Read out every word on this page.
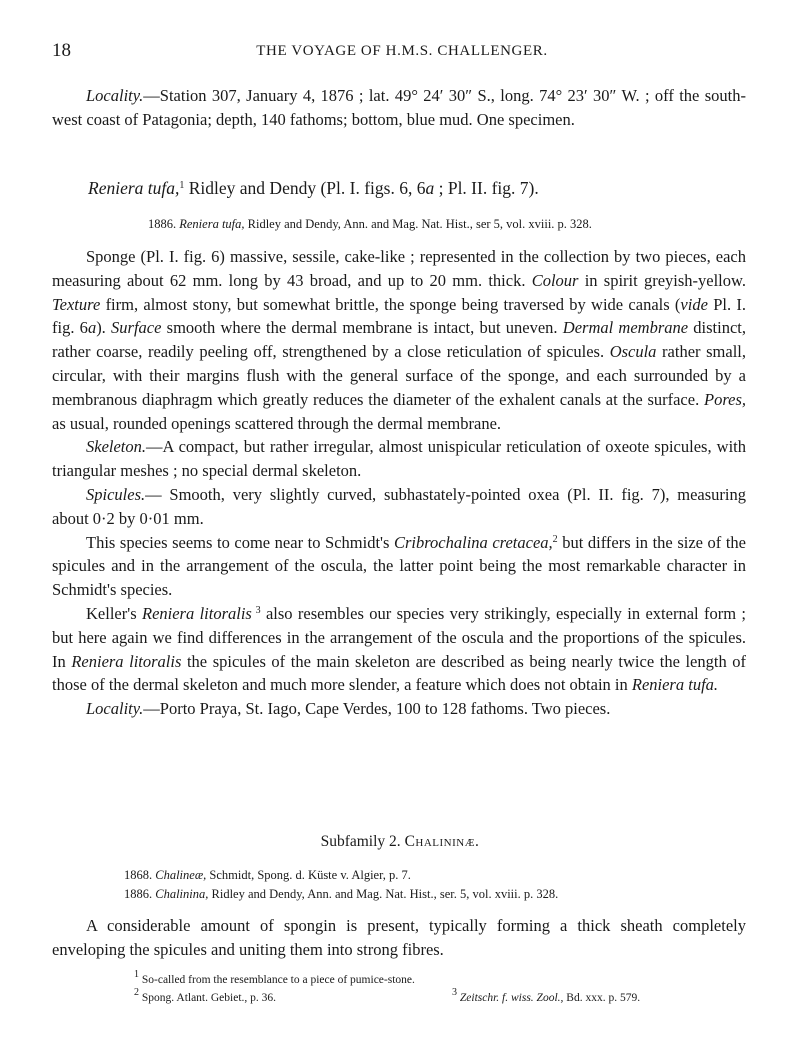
18	THE VOYAGE OF H.M.S. CHALLENGER.

Locality.—Station 307, January 4, 1876 ; lat. 49° 24′ 30″ S., long. 74° 23′ 30″ W. ; off the south-west coast of Patagonia; depth, 140 fathoms; bottom, blue mud. One specimen.

Reniera tufa,$^1$ Ridley and Dendy (Pl. I. figs. 6, 6a ; Pl. II. fig. 7).
1886. Reniera tufa, Ridley and Dendy, Ann. and Mag. Nat. Hist., ser 5, vol. xviii. p. 328.

Sponge (Pl. I. fig. 6) massive, sessile, cake-like ; represented in the collection by two pieces, each measuring about 62 mm. long by 43 broad, and up to 20 mm. thick. Colour in spirit greyish-yellow. Texture firm, almost stony, but somewhat brittle, the sponge being traversed by wide canals (vide Pl. I. fig. 6a). Surface smooth where the dermal membrane is intact, but uneven. Dermal membrane distinct, rather coarse, readily peeling off, strengthened by a close reticulation of spicules. Oscula rather small, circular, with their margins flush with the general surface of the sponge, and each surrounded by a membranous diaphragm which greatly reduces the diameter of the exhalent canals at the surface. Pores, as usual, rounded openings scattered through the dermal membrane.

Skeleton.—A compact, but rather irregular, almost unispicular reticulation of oxeote spicules, with triangular meshes ; no special dermal skeleton.

Spicules.— Smooth, very slightly curved, subhastately-pointed oxea (Pl. II. fig. 7), measuring about 0·2 by 0·01 mm.

This species seems to come near to Schmidt's Cribrochalina cretacea,$^2$ but differs in the size of the spicules and in the arrangement of the oscula, the latter point being the most remarkable character in Schmidt's species.

Keller's Reniera litoralis $^3$ also resembles our species very strikingly, especially in external form ; but here again we find differences in the arrangement of the oscula and the proportions of the spicules. In Reniera litoralis the spicules of the main skeleton are described as being nearly twice the length of those of the dermal skeleton and much more slender, a feature which does not obtain in Reniera tufa.

Locality.—Porto Praya, St. Iago, Cape Verdes, 100 to 128 fathoms. Two pieces.

Subfamily 2. Chalininæ.
1868. Chalineæ, Schmidt, Spong. d. Küste v. Algier, p. 7.
1886. Chalinina, Ridley and Dendy, Ann. and Mag. Nat. Hist., ser. 5, vol. xviii. p. 328.

A considerable amount of spongin is present, typically forming a thick sheath completely enveloping the spicules and uniting them into strong fibres.

$^1$ So-called from the resemblance to a piece of pumice-stone.
$^2$ Spong. Atlant. Gebiet., p. 36.	$^3$ Zeitschr. f. wiss. Zool., Bd. xxx. p. 579.
